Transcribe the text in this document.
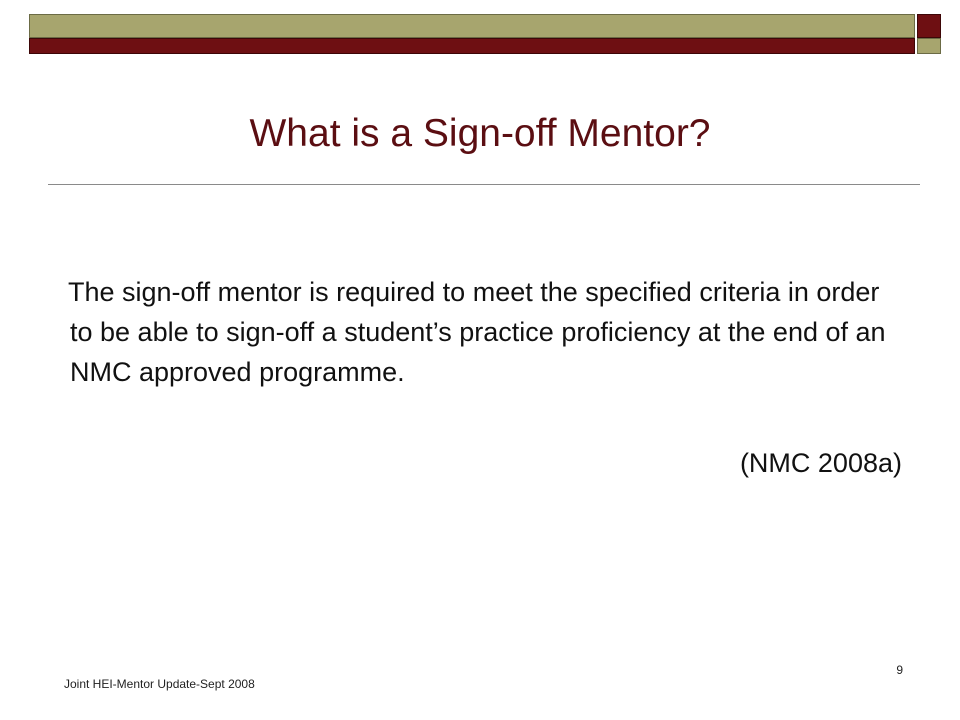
What is a Sign-off Mentor?

The sign-off mentor is required to meet the specified criteria in order to be able to sign-off a student’s practice proficiency at the end of an NMC approved programme.

(NMC 2008a)
Joint HEI-Mentor Update-Sept 2008
9
